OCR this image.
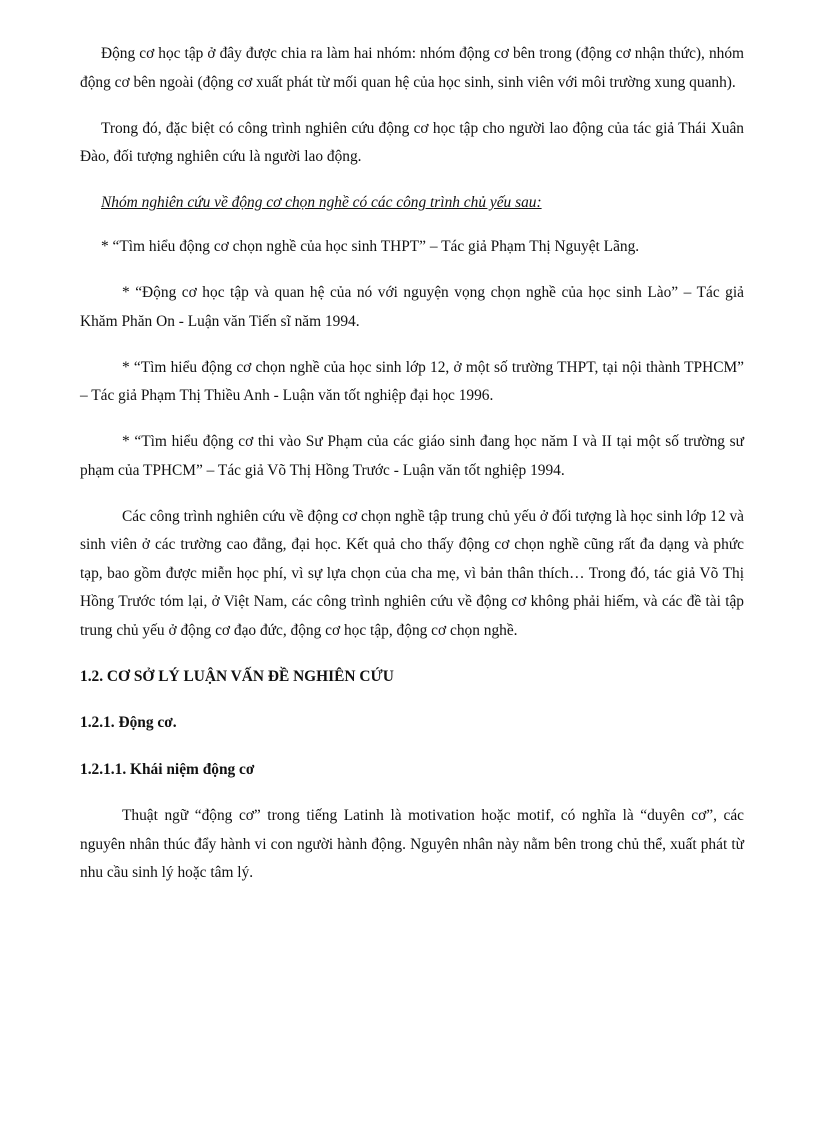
Động cơ học tập ở đây được chia ra làm hai nhóm: nhóm động cơ bên trong (động cơ nhận thức), nhóm động cơ bên ngoài (động cơ xuất phát từ mối quan hệ của học sinh, sinh viên với môi trường xung quanh).

Trong đó, đặc biệt có công trình nghiên cứu động cơ học tập cho người lao động của tác giả Thái Xuân Đào, đối tượng nghiên cứu là người lao động.

Nhóm nghiên cứu về động cơ chọn nghề có các công trình chủ yếu sau:

* “Tìm hiểu động cơ chọn nghề của học sinh THPT” – Tác giả Phạm Thị Nguyệt Lãng.

* “Động cơ học tập và quan hệ của nó với nguyện vọng chọn nghề của học sinh Lào” – Tác giả Khăm Phăn On - Luận văn Tiến sĩ năm 1994.

* “Tìm hiểu động cơ chọn nghề của học sinh lớp 12, ở một số trường THPT, tại nội thành TPHCM” – Tác giả Phạm Thị Thiều Anh - Luận văn tốt nghiệp đại học 1996.

* “Tìm hiểu động cơ thi vào Sư Phạm của các giáo sinh đang học năm I và II tại một số trường sư phạm của TPHCM” – Tác giả Võ Thị Hồng Trước - Luận văn tốt nghiệp 1994.

Các công trình nghiên cứu về động cơ chọn nghề tập trung chủ yếu ở đối tượng là học sinh lớp 12 và sinh viên ở các trường cao đẳng, đại học. Kết quả cho thấy động cơ chọn nghề cũng rất đa dạng và phức tạp, bao gồm được miễn học phí, vì sự lựa chọn của cha mẹ, vì bản thân thích… Trong đó, tác giả Võ Thị Hồng Trước tóm lại, ở Việt Nam, các công trình nghiên cứu về động cơ không phải hiếm, và các đề tài tập trung chủ yếu ở động cơ đạo đức, động cơ học tập, động cơ chọn nghề.

1.2. CƠ SỞ LÝ LUẬN VẤN ĐỀ NGHIÊN CỨU
1.2.1. Động cơ.
1.2.1.1. Khái niệm động cơ

Thuật ngữ “động cơ” trong tiếng Latinh là motivation hoặc motif, có nghĩa là “duyên cơ”, các nguyên nhân thúc đẩy hành vi con người hành động. Nguyên nhân này nằm bên trong chủ thể, xuất phát từ nhu cầu sinh lý hoặc tâm lý.
